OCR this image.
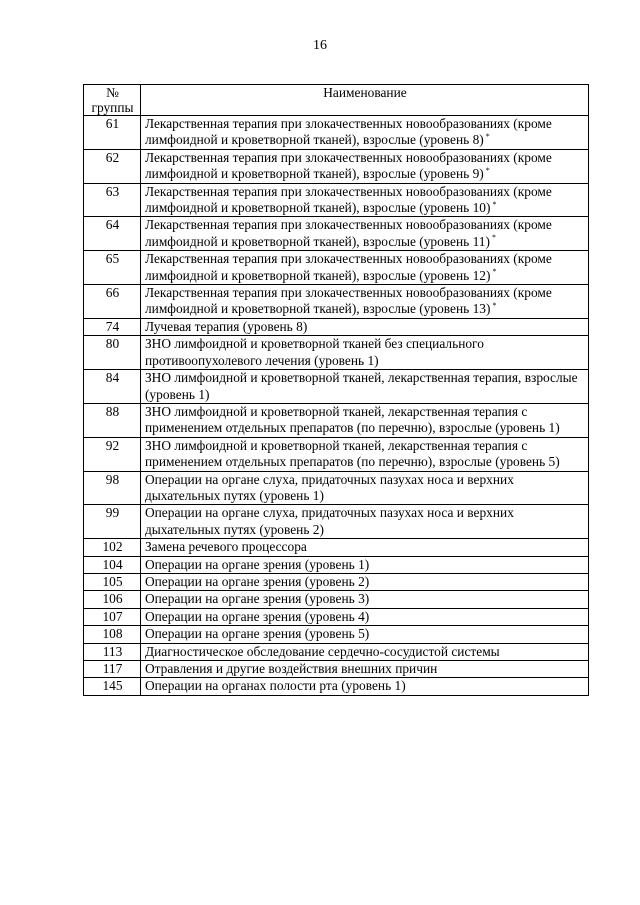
16
№
группы	Наименование
61	Лекарственная терапия при злокачественных новообразованиях (кроме лимфоидной и кроветворной тканей), взрослые (уровень 8) *
62	Лекарственная терапия при злокачественных новообразованиях (кроме лимфоидной и кроветворной тканей), взрослые (уровень 9) *
63	Лекарственная терапия при злокачественных новообразованиях (кроме лимфоидной и кроветворной тканей), взрослые (уровень 10) *
64	Лекарственная терапия при злокачественных новообразованиях (кроме лимфоидной и кроветворной тканей), взрослые (уровень 11) *
65	Лекарственная терапия при злокачественных новообразованиях (кроме лимфоидной и кроветворной тканей), взрослые (уровень 12) *
66	Лекарственная терапия при злокачественных новообразованиях (кроме лимфоидной и кроветворной тканей), взрослые (уровень 13) *
74	Лучевая терапия (уровень 8)
80	ЗНО лимфоидной и кроветворной тканей без специального противоопухолевого лечения (уровень 1)
84	ЗНО лимфоидной и кроветворной тканей, лекарственная терапия, взрослые (уровень 1)
88	ЗНО лимфоидной и кроветворной тканей, лекарственная терапия с применением отдельных препаратов (по перечню), взрослые (уровень 1)
92	ЗНО лимфоидной и кроветворной тканей, лекарственная терапия с применением отдельных препаратов (по перечню), взрослые (уровень 5)
98	Операции на органе слуха, придаточных пазухах носа и верхних дыхательных путях (уровень 1)
99	Операции на органе слуха, придаточных пазухах носа и верхних дыхательных путях (уровень 2)
102	Замена речевого процессора
104	Операции на органе зрения (уровень 1)
105	Операции на органе зрения (уровень 2)
106	Операции на органе зрения (уровень 3)
107	Операции на органе зрения (уровень 4)
108	Операции на органе зрения (уровень 5)
113	Диагностическое обследование сердечно-сосудистой системы
117	Отравления и другие воздействия внешних причин
145	Операции на органах полости рта (уровень 1)
